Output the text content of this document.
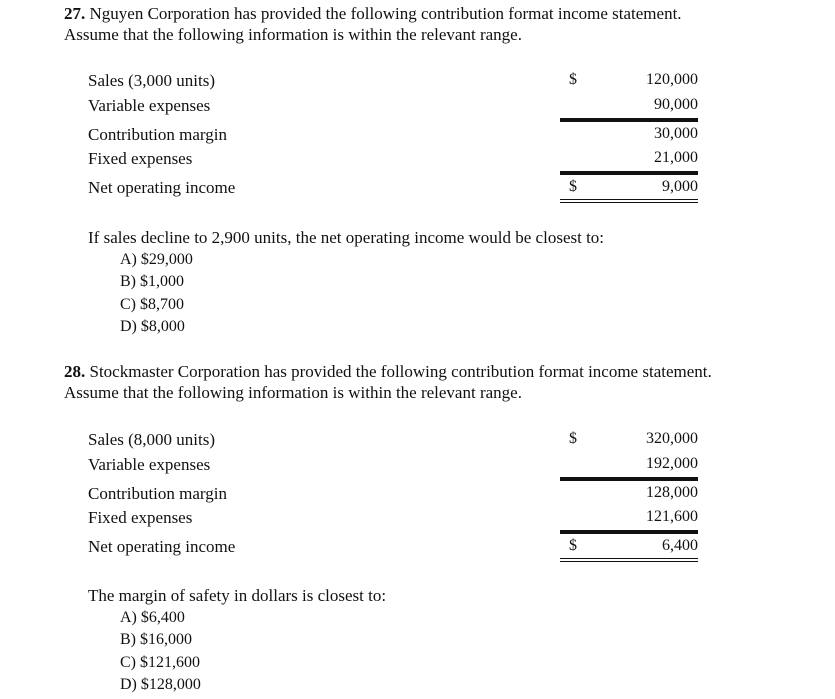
27. Nguyen Corporation has provided the following contribution format income statement.
Assume that the following information is within the relevant range.
Sales (3,000 units)	$	120,000
Variable expenses	90,000
Contribution margin	30,000
Fixed expenses	21,000
Net operating income	$	9,000
If sales decline to 2,900 units, the net operating income would be closest to:
A) $29,000
B) $1,000
C) $8,700
D) $8,000
28. Stockmaster Corporation has provided the following contribution format income statement.
Assume that the following information is within the relevant range.
Sales (8,000 units)	$	320,000
Variable expenses	192,000
Contribution margin	128,000
Fixed expenses	121,600
Net operating income	$	6,400
The margin of safety in dollars is closest to:
A) $6,400
B) $16,000
C) $121,600
D) $128,000
